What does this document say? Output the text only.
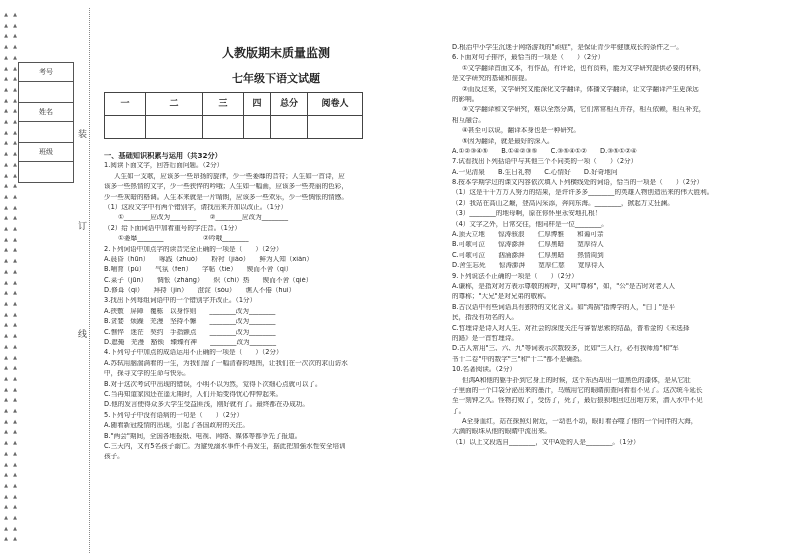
▲
▲
▲
▲
▲
▲
▲
▲
▲
▲
▲
▲
▲
▲
▲
▲
▲
▲
▲
▲
▲
▲
▲
▲
▲
▲
▲
▲
▲
▲
▲
▲
▲
▲
▲
▲
▲
▲
▲
▲
▲
▲
▲
▲
▲
▲
▲
▲
▲
▲
▲
▲
▲
▲
▲
▲
▲
▲
▲
▲
▲
▲
▲
▲
▲
▲
▲
▲
▲
▲
▲
▲
▲
▲
▲
▲
▲
▲
▲
▲
▲
▲
▲
▲
▲
▲
▲
▲
▲
▲
▲
▲
▲
▲
▲
▲
▲
▲
▲
▲
考号

姓名

班级

装
订
线
人教版期末质量监测
七年级下语文试题
一	二	三	四	总分	阅卷人

一、基础知识积累与运用（共32分）
1.阅读下面文字，回答后面问题。（2分）
人生如一支歌，应该多一些昂扬的旋律，少一些萎靡的音符；人生如一首诗，应
该多一些热情的文字，少一些狭悴的吟哦；人生如一幅画，应该多一些亮丽的色彩，
少一些灰暗的格调。人生本来就是一片晴朗，应该多一些欢乐，少一些惆怅的情感。
（1）这段文字中有两个错别字，请找出来并加以改正。（1分）
①________应改为________　　②________应改为________
（2）给下面词语中加着重号的字注音。（1分）
①萎靡________　　　　　　②吟哦________
2.下列词语中加点字的读音完全正确的一项是（　　）（2分）
A.晨昏（hūn）　　啄践（zhuó）　　粉衬（jiǎo）　　鲜为人知（xiǎn）
B.哺育（pǔ）　　气氛（fēn）　　字帖（tiē）　　锲而不舍（qì）
C.菜子（jūn）　　惆怅（zhàng）　　炽（chì）热　　锲而不舍（qiè）
D.修葺（qì）　　拜持（jìn）　　澄淀（sòu）　　谯人不倦（huì）
3.找出下列每组词语中的一个错别字并改正。（1分）
A.挟敷　屏障　覆栋　以身作则　　________改为________
B.贪婪　烦躁　芜漫　坚持不懈　　________改为________
C.憔悴　迷茫　契约　手指颤点　　________改为________
D.遮掩　芜漫　豁锁　臻臻有神　　________改为________
4.下列句子中加点的成语运用不正确的一项是（　　）（2分）
A.苏轼用脑湍满着的一生，为我们留了一幅清春的地图，让我们在一次次的求山访水
中，探寻文学的生命与快乐。
B.对于这次考试中出现的错误，小明不以为然，觉得下次细心点就可以了。
C.当再知道家园还在遥无期时，人们开始变得忧心忡忡起来。
D.他的发言使得众多大学生受益匪浅，刚好就有了。最终都在办成功。
5.下列句子中没有语病的一句是（　　）（2分）
A.随着新冠疫情的出现，引起了各国政府的关注。
B."两会"期间，全国各地报纸、电视、网络、媒体等都争先了报道。
C.三天内，又有5名孩子溺亡。为避免溺水事件不再发生，据此把加强水性安全培训
孩子。
D.根治中小学生沉迷于网络游戏的"顽症"，是保证青少年健康成长的条件之一。
6.下面对句子排序，最恰当的一项是（　　）（2分）
①文学翻译首面文本，有作品，有评论，也有资料，能为文学研究提供必要的材料，
是文学研究的基础和前提。
②而反过来，文学研究又能深化文学翻译，体播文学翻译，让文学翻译产生更深远
的影响。
③文学翻译和文学研究，难以全然分离，它们常常相互并存，相互依赖，相互补充，
相互融合。
④甚至可以说，翻译本身也是一种研究。
⑤因为翻译，就是最好的深入。
A.①②③④⑤　　B.①④②③⑤　　C.③⑤④①②　　D.③⑤①②④
7.试看找出下列括语中与其他三个不同类的一项（　　）（2分）
A.一见清泉　　B.生日礼物　　C.心情好　　D.好奇地问
8.按本学期学过的课文内容依次填入下列横线处的词语，恰当的一项是（　　）（2分）
（1）这是千千万万人努力的结果，是许许多多________的英雄人物创造出来的伟大胜利。
（2）我站在高山之巅，登高闪采添，奔向东海。________，掀起万丈狂澜。
（3）________的地母啊，原在你怀里永安地扎根！
（4）文字之外，日常交往，他同样是一位________。
A.顶天立地　　惊涛骇浪　　仁厚博雅　　和蔼可亲
B.可歌可泣　　惊涛澎湃　　仁厚黑暗　　宽厚待人
C.可歌可泣　　汹涌澎湃　　仁厚黑暗　　热情周到
D.舍生忘死　　惊涛澎湃　　宽厚仁慈　　宽厚待人
9.下列说法不正确的一项是（　　）（2分）
A.谦称，是指对对方表示尊敬的称呼，又叫"尊称"，如，"公"是古时对老人人
的尊称；"大兄"是对兄弟的敬称。
B.古汉语中有些词语具有独特的文化含义。如"鸿鹄"指博学的人，"白丁"是平
民，指没有功名的人。
C.哲理诗是诗人对人生、对社会的深度关注与睿智思索的结晶，普希金的《未选择
的路》是一首哲理诗。
D.古人常用"三、六、九"等词表示次数较多，比如"三人行，必有我师焉"和"军
书十二卷"中的数字"三"和"十二"都不是确指。
10.名著阅读。（2分）
但鸿A和他的躯手扑到它身上的时候，这个东西却出一道黑色的漆体，是从它肚
子里面的一个口袋分泌出来的墨汁，乌贼用它的眼睛前查问着看不见了。这次统斗延长
至一刻钟之久。怪物打败了，受伤了，死了，最后狼狈地回过出地方来，潜入水中不见
了。
A全身血红，站在探照灯附近，一动也不动，眼盯着吞噬了他的一个同伴的大海，
大滴的眼珠从他的眼睛中流出来。
（1）以上文段选自________，文中A处的人是________。（1分）
